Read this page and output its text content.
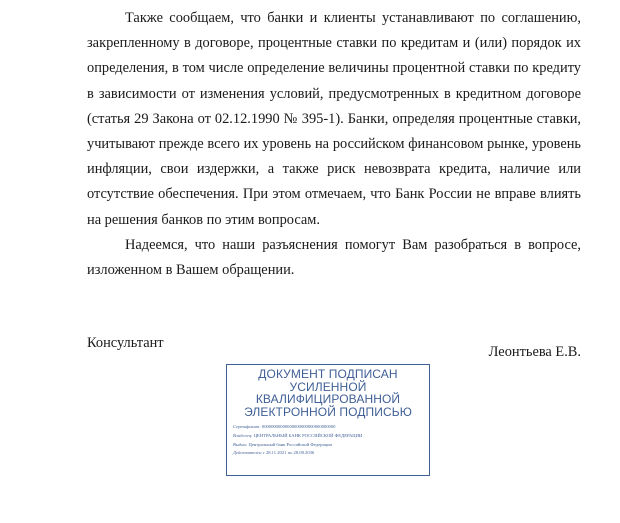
Также сообщаем, что банки и клиенты устанавливают по соглашению, закрепленному в договоре, процентные ставки по кредитам и (или) порядок их определения, в том числе определение величины процентной ставки по кредиту в зависимости от изменения условий, предусмотренных в кредитном договоре (статья 29 Закона от 02.12.1990 № 395-1). Банки, определяя процентные ставки, учитывают прежде всего их уровень на российском финансовом рынке, уровень инфляции, свои издержки, а также риск невозврата кредита, наличие или отсутствие обеспечения. При этом отмечаем, что Банк России не вправе влиять на решения банков по этим вопросам.

Надеемся, что наши разъяснения помогут Вам разобраться в вопросе, изложенном в Вашем обращении.

Консультант
Леонтьева Е.В.
ДОКУМЕНТ ПОДПИСАН
УСИЛЕННОЙ
КВАЛИФИЦИРОВАННОЙ
ЭЛЕКТРОННОЙ ПОДПИСЬЮ
Сертификат: 00000000000000000000000000000000
Владелец: ЦЕНТРАЛЬНЫЙ БАНК РОССИЙСКОЙ ФЕДЕРАЦИИ
Выдан: Центральный банк Российской Федерации
Действителен с 28.11.2021 по 28.08.2036
